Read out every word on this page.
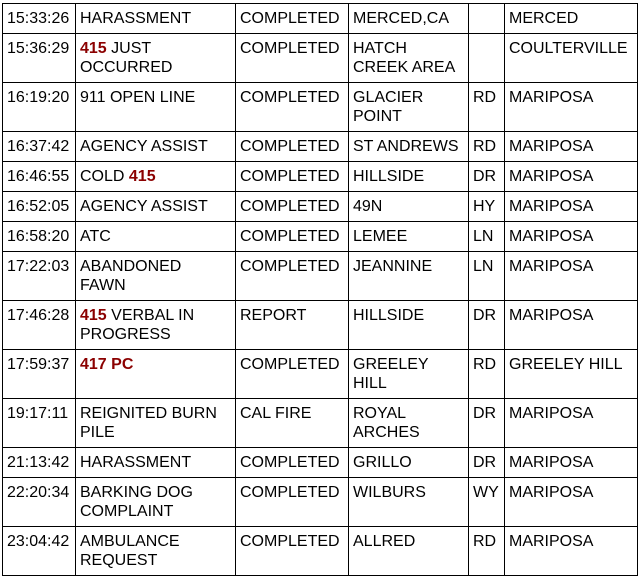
15:33:26	HARASSMENT	COMPLETED	MERCED,CA		MERCED
15:36:29	415 JUST OCCURRED	COMPLETED	HATCH CREEK AREA		COULTERVILLE
16:19:20	911 OPEN LINE	COMPLETED	GLACIER POINT	RD	MARIPOSA
16:37:42	AGENCY ASSIST	COMPLETED	ST ANDREWS	RD	MARIPOSA
16:46:55	COLD 415	COMPLETED	HILLSIDE	DR	MARIPOSA
16:52:05	AGENCY ASSIST	COMPLETED	49N	HY	MARIPOSA
16:58:20	ATC	COMPLETED	LEMEE	LN	MARIPOSA
17:22:03	ABANDONED FAWN	COMPLETED	JEANNINE	LN	MARIPOSA
17:46:28	415 VERBAL IN PROGRESS	REPORT	HILLSIDE	DR	MARIPOSA
17:59:37	417 PC	COMPLETED	GREELEY HILL	RD	GREELEY HILL
19:17:11	REIGNITED BURN PILE	CAL FIRE	ROYAL ARCHES	DR	MARIPOSA
21:13:42	HARASSMENT	COMPLETED	GRILLO	DR	MARIPOSA
22:20:34	BARKING DOG COMPLAINT	COMPLETED	WILBURS	WY	MARIPOSA
23:04:42	AMBULANCE REQUEST	COMPLETED	ALLRED	RD	MARIPOSA
